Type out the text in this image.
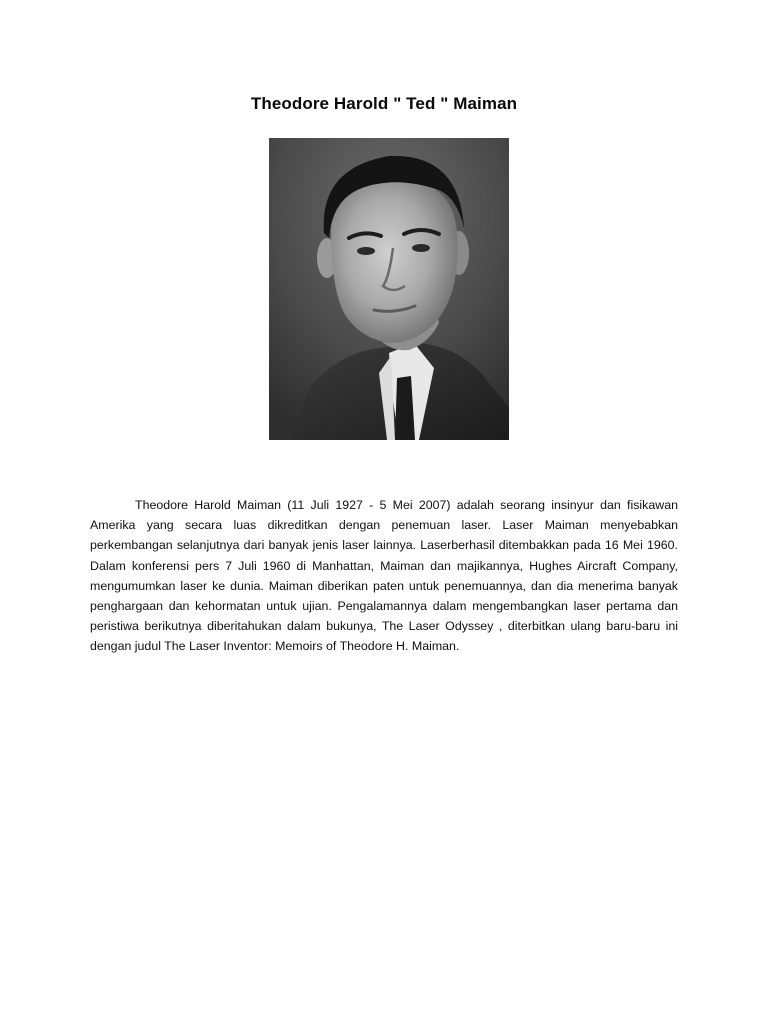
Theodore Harold " Ted " Maiman

Theodore Harold Maiman (11 Juli 1927 - 5 Mei 2007) adalah seorang insinyur dan fisikawan Amerika yang secara luas dikreditkan dengan penemuan laser. Laser Maiman menyebabkan perkembangan selanjutnya dari banyak jenis laser lainnya. Laserberhasil ditembakkan pada 16 Mei 1960. Dalam konferensi pers 7 Juli 1960 di Manhattan, Maiman dan majikannya, Hughes Aircraft Company, mengumumkan laser ke dunia. Maiman diberikan paten untuk penemuannya, dan dia menerima banyak penghargaan dan kehormatan untuk ujian. Pengalamannya dalam mengembangkan laser pertama dan peristiwa berikutnya diberitahukan dalam bukunya, The Laser Odyssey , diterbitkan ulang baru-baru ini dengan judul The Laser Inventor: Memoirs of Theodore H. Maiman.
